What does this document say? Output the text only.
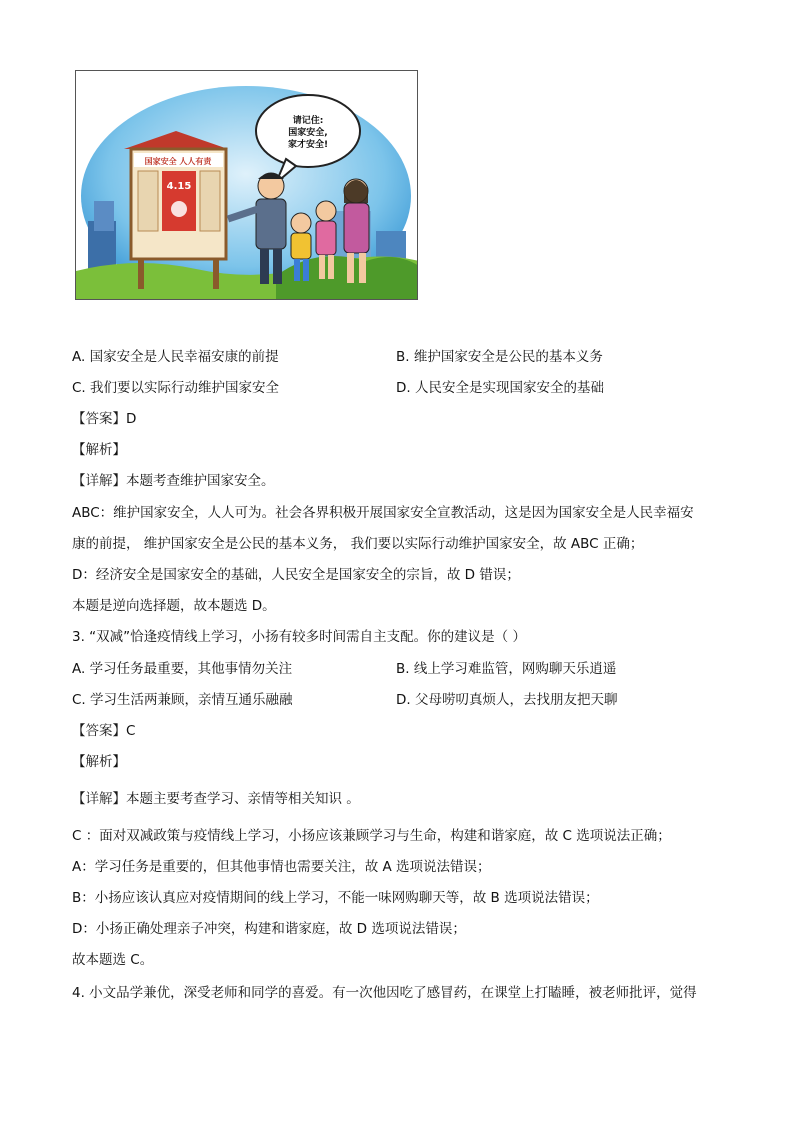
国家安全 人人有责
4.15
请记住:
国家安全,
家才安全!
A. 国家安全是人民幸福安康的前提	B. 维护国家安全是公民的基本义务
C. 我们要以实际行动维护国家安全	D. 人民安全是实现国家安全的基础
【答案】D
【解析】
【详解】本题考查维护国家安全。
ABC：维护国家安全，人人可为。社会各界积极开展国家安全宣教活动，这是因为国家安全是人民幸福安
康的前提， 维护国家安全是公民的基本义务， 我们要以实际行动维护国家安全，故 ABC 正确；
D：经济安全是国家安全的基础，人民安全是国家安全的宗旨，故 D 错误；
本题是逆向选择题，故本题选 D。
3. “双减”恰逢疫情线上学习，小扬有较多时间需自主支配。你的建议是（ ）
A. 学习任务最重要，其他事情勿关注	B. 线上学习难监管，网购聊天乐逍遥
C. 学习生活两兼顾，亲情互通乐融融	D. 父母唠叨真烦人，去找朋友把天聊
【答案】C
【解析】
【详解】本题主要考查学习、亲情等相关知识 。
C ：面对双减政策与疫情线上学习，小扬应该兼顾学习与生命，构建和谐家庭，故 C 选项说法正确；
A：学习任务是重要的，但其他事情也需要关注，故 A 选项说法错误；
B：小扬应该认真应对疫情期间的线上学习，不能一味网购聊天等，故 B 选项说法错误；
D：小扬正确处理亲子冲突，构建和谐家庭，故 D 选项说法错误；
故本题选 C。
4. 小文品学兼优，深受老师和同学的喜爱。有一次他因吃了感冒药，在课堂上打瞌睡，被老师批评，觉得
